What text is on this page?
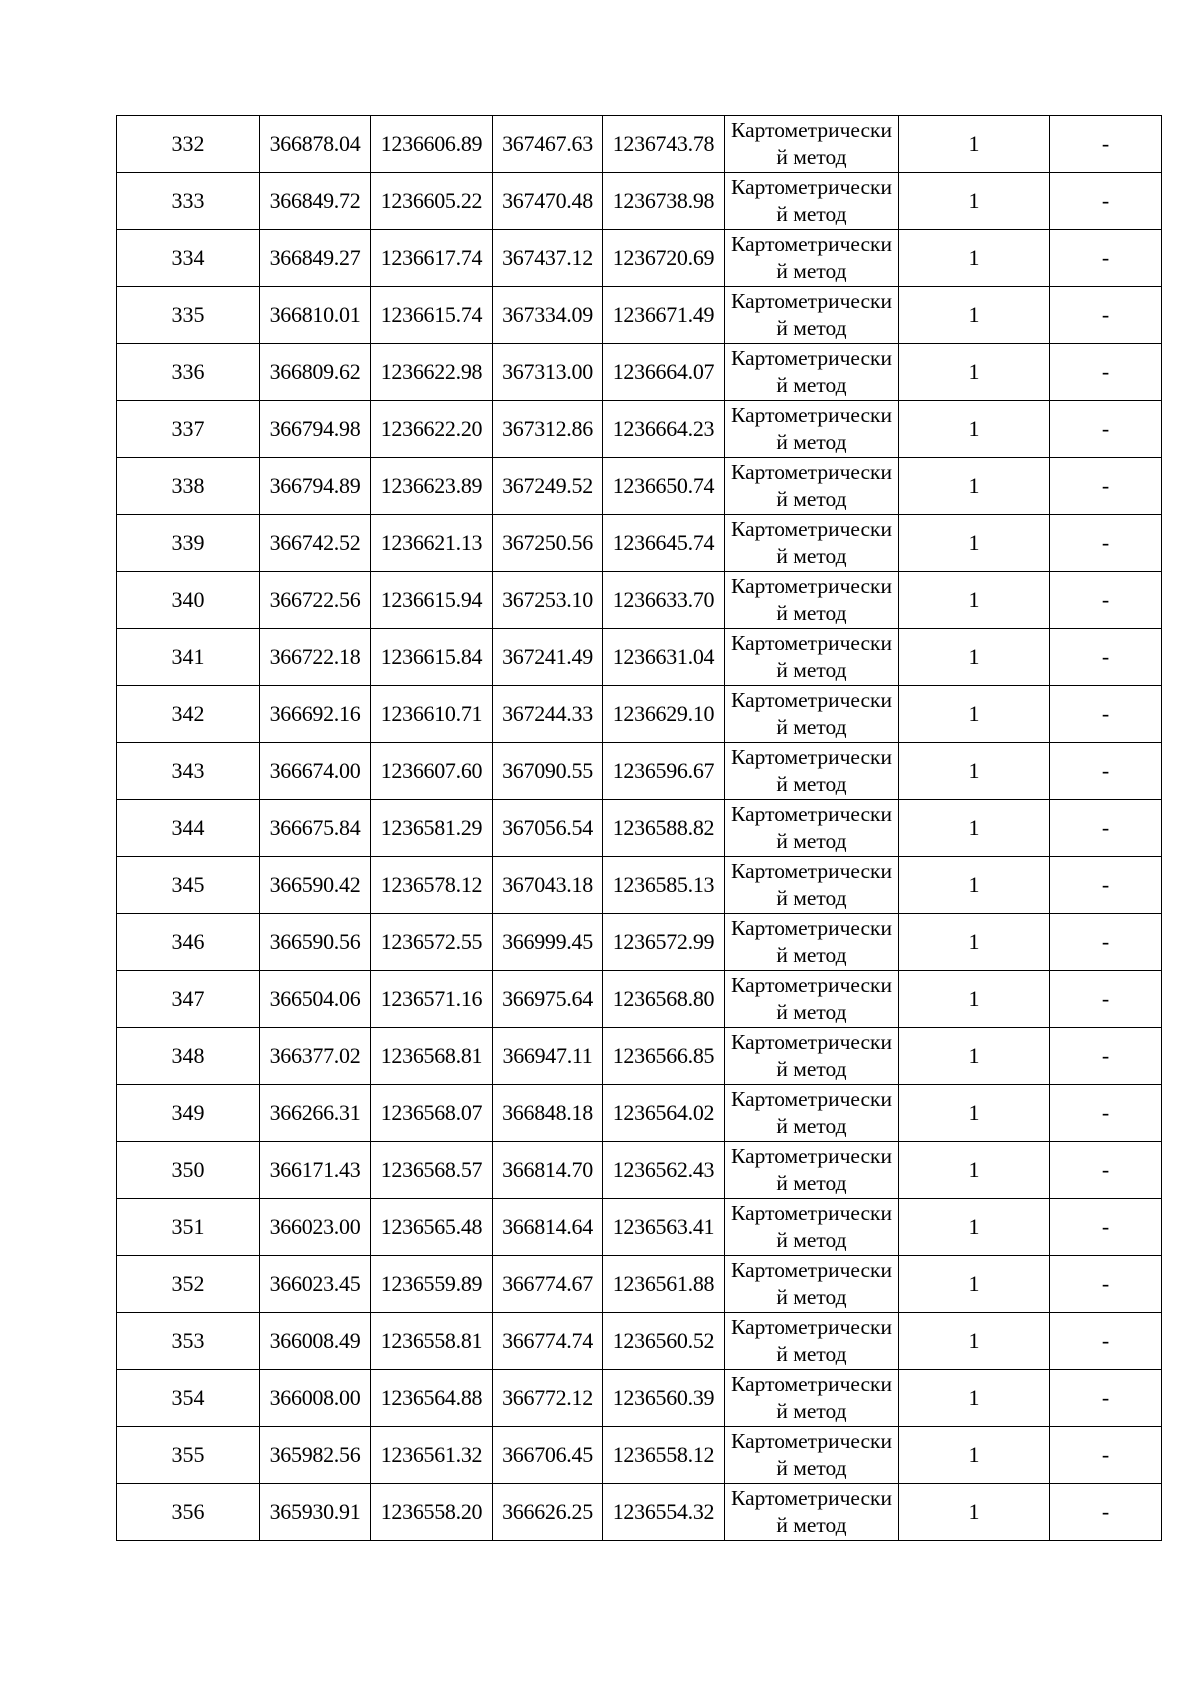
332	366878.04	1236606.89	367467.63	1236743.78	Картометрический метод	1	-
333	366849.72	1236605.22	367470.48	1236738.98	Картометрический метод	1	-
334	366849.27	1236617.74	367437.12	1236720.69	Картометрический метод	1	-
335	366810.01	1236615.74	367334.09	1236671.49	Картометрический метод	1	-
336	366809.62	1236622.98	367313.00	1236664.07	Картометрический метод	1	-
337	366794.98	1236622.20	367312.86	1236664.23	Картометрический метод	1	-
338	366794.89	1236623.89	367249.52	1236650.74	Картометрический метод	1	-
339	366742.52	1236621.13	367250.56	1236645.74	Картометрический метод	1	-
340	366722.56	1236615.94	367253.10	1236633.70	Картометрический метод	1	-
341	366722.18	1236615.84	367241.49	1236631.04	Картометрический метод	1	-
342	366692.16	1236610.71	367244.33	1236629.10	Картометрический метод	1	-
343	366674.00	1236607.60	367090.55	1236596.67	Картометрический метод	1	-
344	366675.84	1236581.29	367056.54	1236588.82	Картометрический метод	1	-
345	366590.42	1236578.12	367043.18	1236585.13	Картометрический метод	1	-
346	366590.56	1236572.55	366999.45	1236572.99	Картометрический метод	1	-
347	366504.06	1236571.16	366975.64	1236568.80	Картометрический метод	1	-
348	366377.02	1236568.81	366947.11	1236566.85	Картометрический метод	1	-
349	366266.31	1236568.07	366848.18	1236564.02	Картометрический метод	1	-
350	366171.43	1236568.57	366814.70	1236562.43	Картометрический метод	1	-
351	366023.00	1236565.48	366814.64	1236563.41	Картометрический метод	1	-
352	366023.45	1236559.89	366774.67	1236561.88	Картометрический метод	1	-
353	366008.49	1236558.81	366774.74	1236560.52	Картометрический метод	1	-
354	366008.00	1236564.88	366772.12	1236560.39	Картометрический метод	1	-
355	365982.56	1236561.32	366706.45	1236558.12	Картометрический метод	1	-
356	365930.91	1236558.20	366626.25	1236554.32	Картометрический метод	1	-
